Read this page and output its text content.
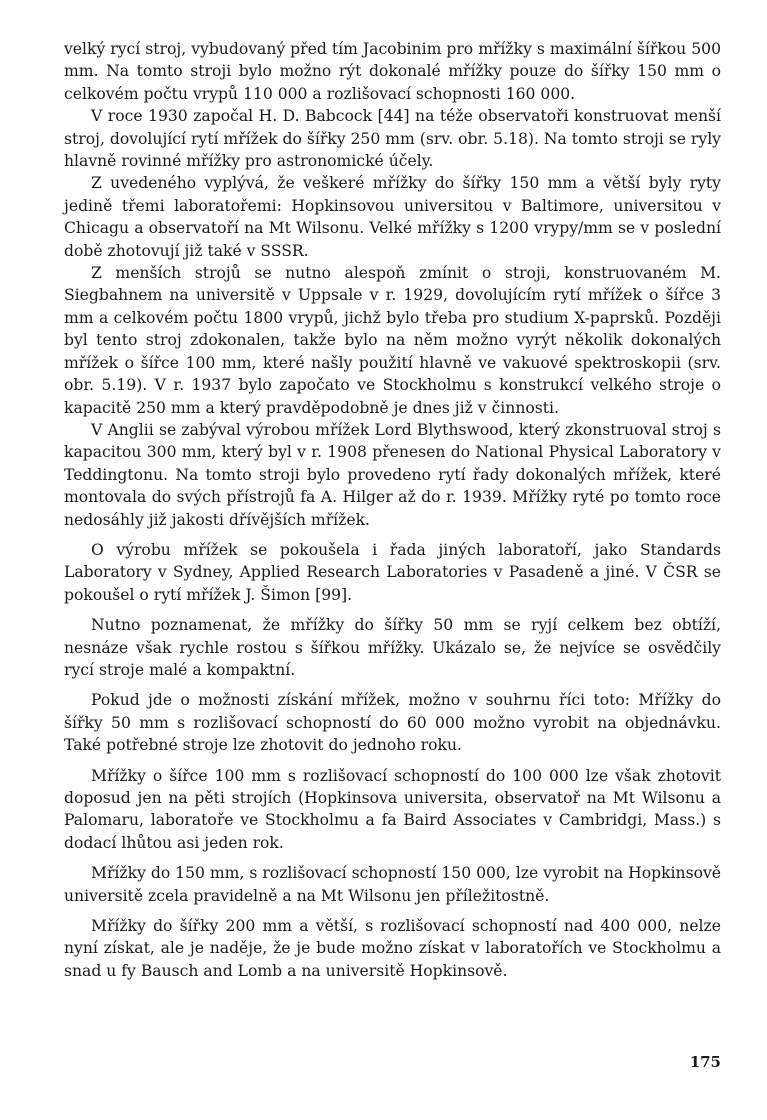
velký rycí stroj, vybudovaný před tím Jacobinim pro mřížky s maximální šířkou 500 mm. Na tomto stroji bylo možno rýt dokonalé mřížky pouze do šířky 150 mm o celkovém počtu vrypů 110 000 a rozlišovací schopnosti 160 000.

V roce 1930 započal H. D. Babcock [44] na téže observatoři konstruovat menší stroj, dovolující rytí mřížek do šířky 250 mm (srv. obr. 5.18). Na tomto stroji se ryly hlavně rovinné mřížky pro astronomické účely.

Z uvedeného vyplývá, že veškeré mřížky do šířky 150 mm a větší byly ryty jedině třemi laboratořemi: Hopkinsovou universitou v Baltimore, universitou v Chicagu a observatoří na Mt Wilsonu. Velké mřížky s 1200 vrypy/mm se v poslední době zhotovují již také v SSSR.

Z menších strojů se nutno alespoň zmínit o stroji, konstruovaném M. Siegbahnem na universitě v Uppsale v r. 1929, dovolujícím rytí mřížek o šířce 3 mm a celkovém počtu 1800 vrypů, jichž bylo třeba pro studium X-paprsků. Později byl tento stroj zdokonalen, takže bylo na něm možno vyrýt několik dokonalých mřížek o šířce 100 mm, které našly použití hlavně ve vakuové spektroskopii (srv. obr. 5.19). V r. 1937 bylo započato ve Stockholmu s konstrukcí velkého stroje o kapacitě 250 mm a který pravděpodobně je dnes již v činnosti.

V Anglii se zabýval výrobou mřížek Lord Blythswood, který zkonstruoval stroj s kapacitou 300 mm, který byl v r. 1908 přenesen do National Physical Laboratory v Teddingtonu. Na tomto stroji bylo provedeno rytí řady dokonalých mřížek, které montovala do svých přístrojů fa A. Hilger až do r. 1939. Mřížky ryté po tomto roce nedosáhly již jakosti dřívějších mřížek.

O výrobu mřížek se pokoušela i řada jiných laboratoří, jako Standards Laboratory v Sydney, Applied Research Laboratories v Pasadeně a jiné. V ČSR se pokoušel o rytí mřížek J. Šimon [99].

Nutno poznamenat, že mřížky do šířky 50 mm se ryjí celkem bez obtíží, nesnáze však rychle rostou s šířkou mřížky. Ukázalo se, že nejvíce se osvědčily rycí stroje malé a kompaktní.

Pokud jde o možnosti získání mřížek, možno v souhrnu říci toto: Mřížky do šířky 50 mm s rozlišovací schopností do 60 000 možno vyrobit na objednávku. Také potřebné stroje lze zhotovit do jednoho roku.

Mřížky o šířce 100 mm s rozlišovací schopností do 100 000 lze však zhotovit doposud jen na pěti strojích (Hopkinsova universita, observatoř na Mt Wilsonu a Palomaru, laboratoře ve Stockholmu a fa Baird Associates v Cambridgi, Mass.) s dodací lhůtou asi jeden rok.

Mřížky do 150 mm, s rozlišovací schopností 150 000, lze vyrobit na Hopkinsově universitě zcela pravidelně a na Mt Wilsonu jen příležitostně.

Mřížky do šířky 200 mm a větší, s rozlišovací schopností nad 400 000, nelze nyní získat, ale je naděje, že je bude možno získat v laboratořích ve Stockholmu a snad u fy Bausch and Lomb a na universitě Hopkinsově.

175
